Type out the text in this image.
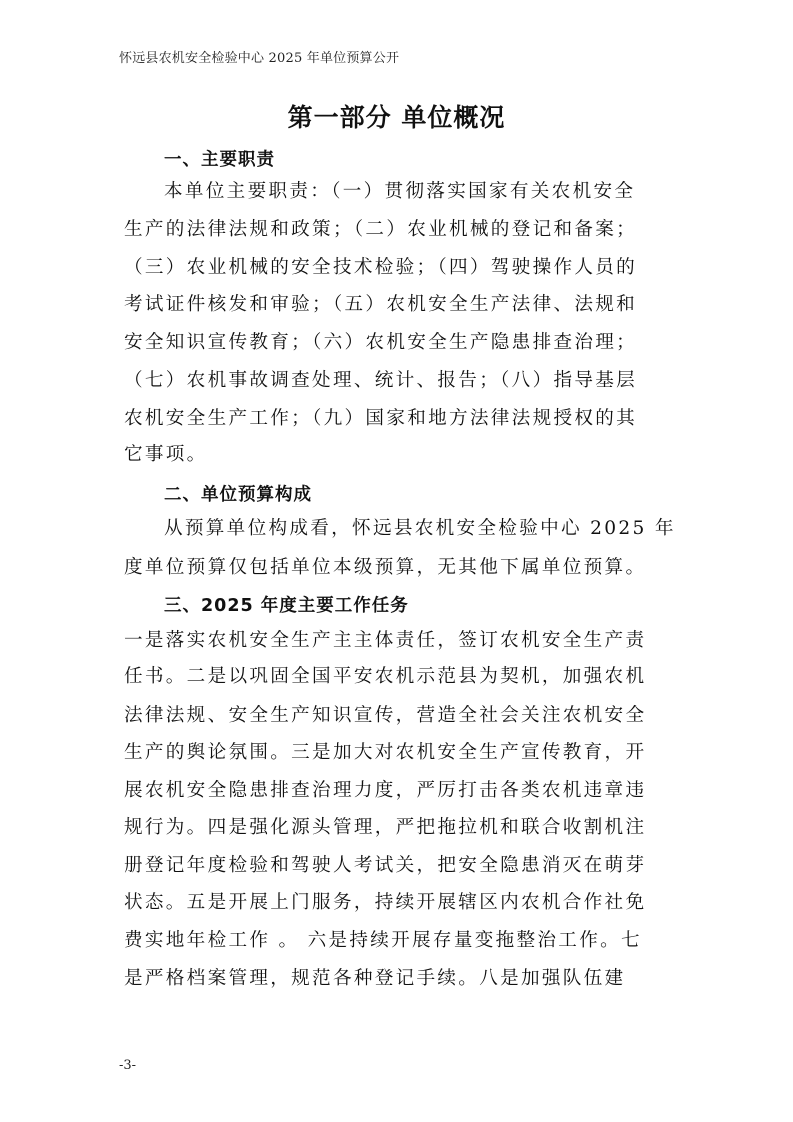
怀远县农机安全检验中心 2025 年单位预算公开
第一部分 单位概况
一、主要职责
本单位主要职责：（一）贯彻落实国家有关农机安全
生产的法律法规和政策；（二）农业机械的登记和备案；
（三）农业机械的安全技术检验；（四）驾驶操作人员的
考试证件核发和审验；（五）农机安全生产法律、法规和
安全知识宣传教育；（六）农机安全生产隐患排查治理；
（七）农机事故调查处理、统计、报告；（八）指导基层
农机安全生产工作；（九）国家和地方法律法规授权的其
它事项。
二、单位预算构成
从预算单位构成看，怀远县农机安全检验中心 2025 年
度单位预算仅包括单位本级预算，无其他下属单位预算。
三、2025 年度主要工作任务
一是落实农机安全生产主主体责任，签订农机安全生产责
任书。二是以巩固全国平安农机示范县为契机，加强农机
法律法规、安全生产知识宣传，营造全社会关注农机安全
生产的舆论氛围。三是加大对农机安全生产宣传教育，开
展农机安全隐患排查治理力度，严厉打击各类农机违章违
规行为。四是强化源头管理，严把拖拉机和联合收割机注
册登记年度检验和驾驶人考试关，把安全隐患消灭在萌芽
状态。五是开展上门服务，持续开展辖区内农机合作社免
费实地年检工作 。 六是持续开展存量变拖整治工作。七
是严格档案管理，规范各种登记手续。八是加强队伍建
-3-
